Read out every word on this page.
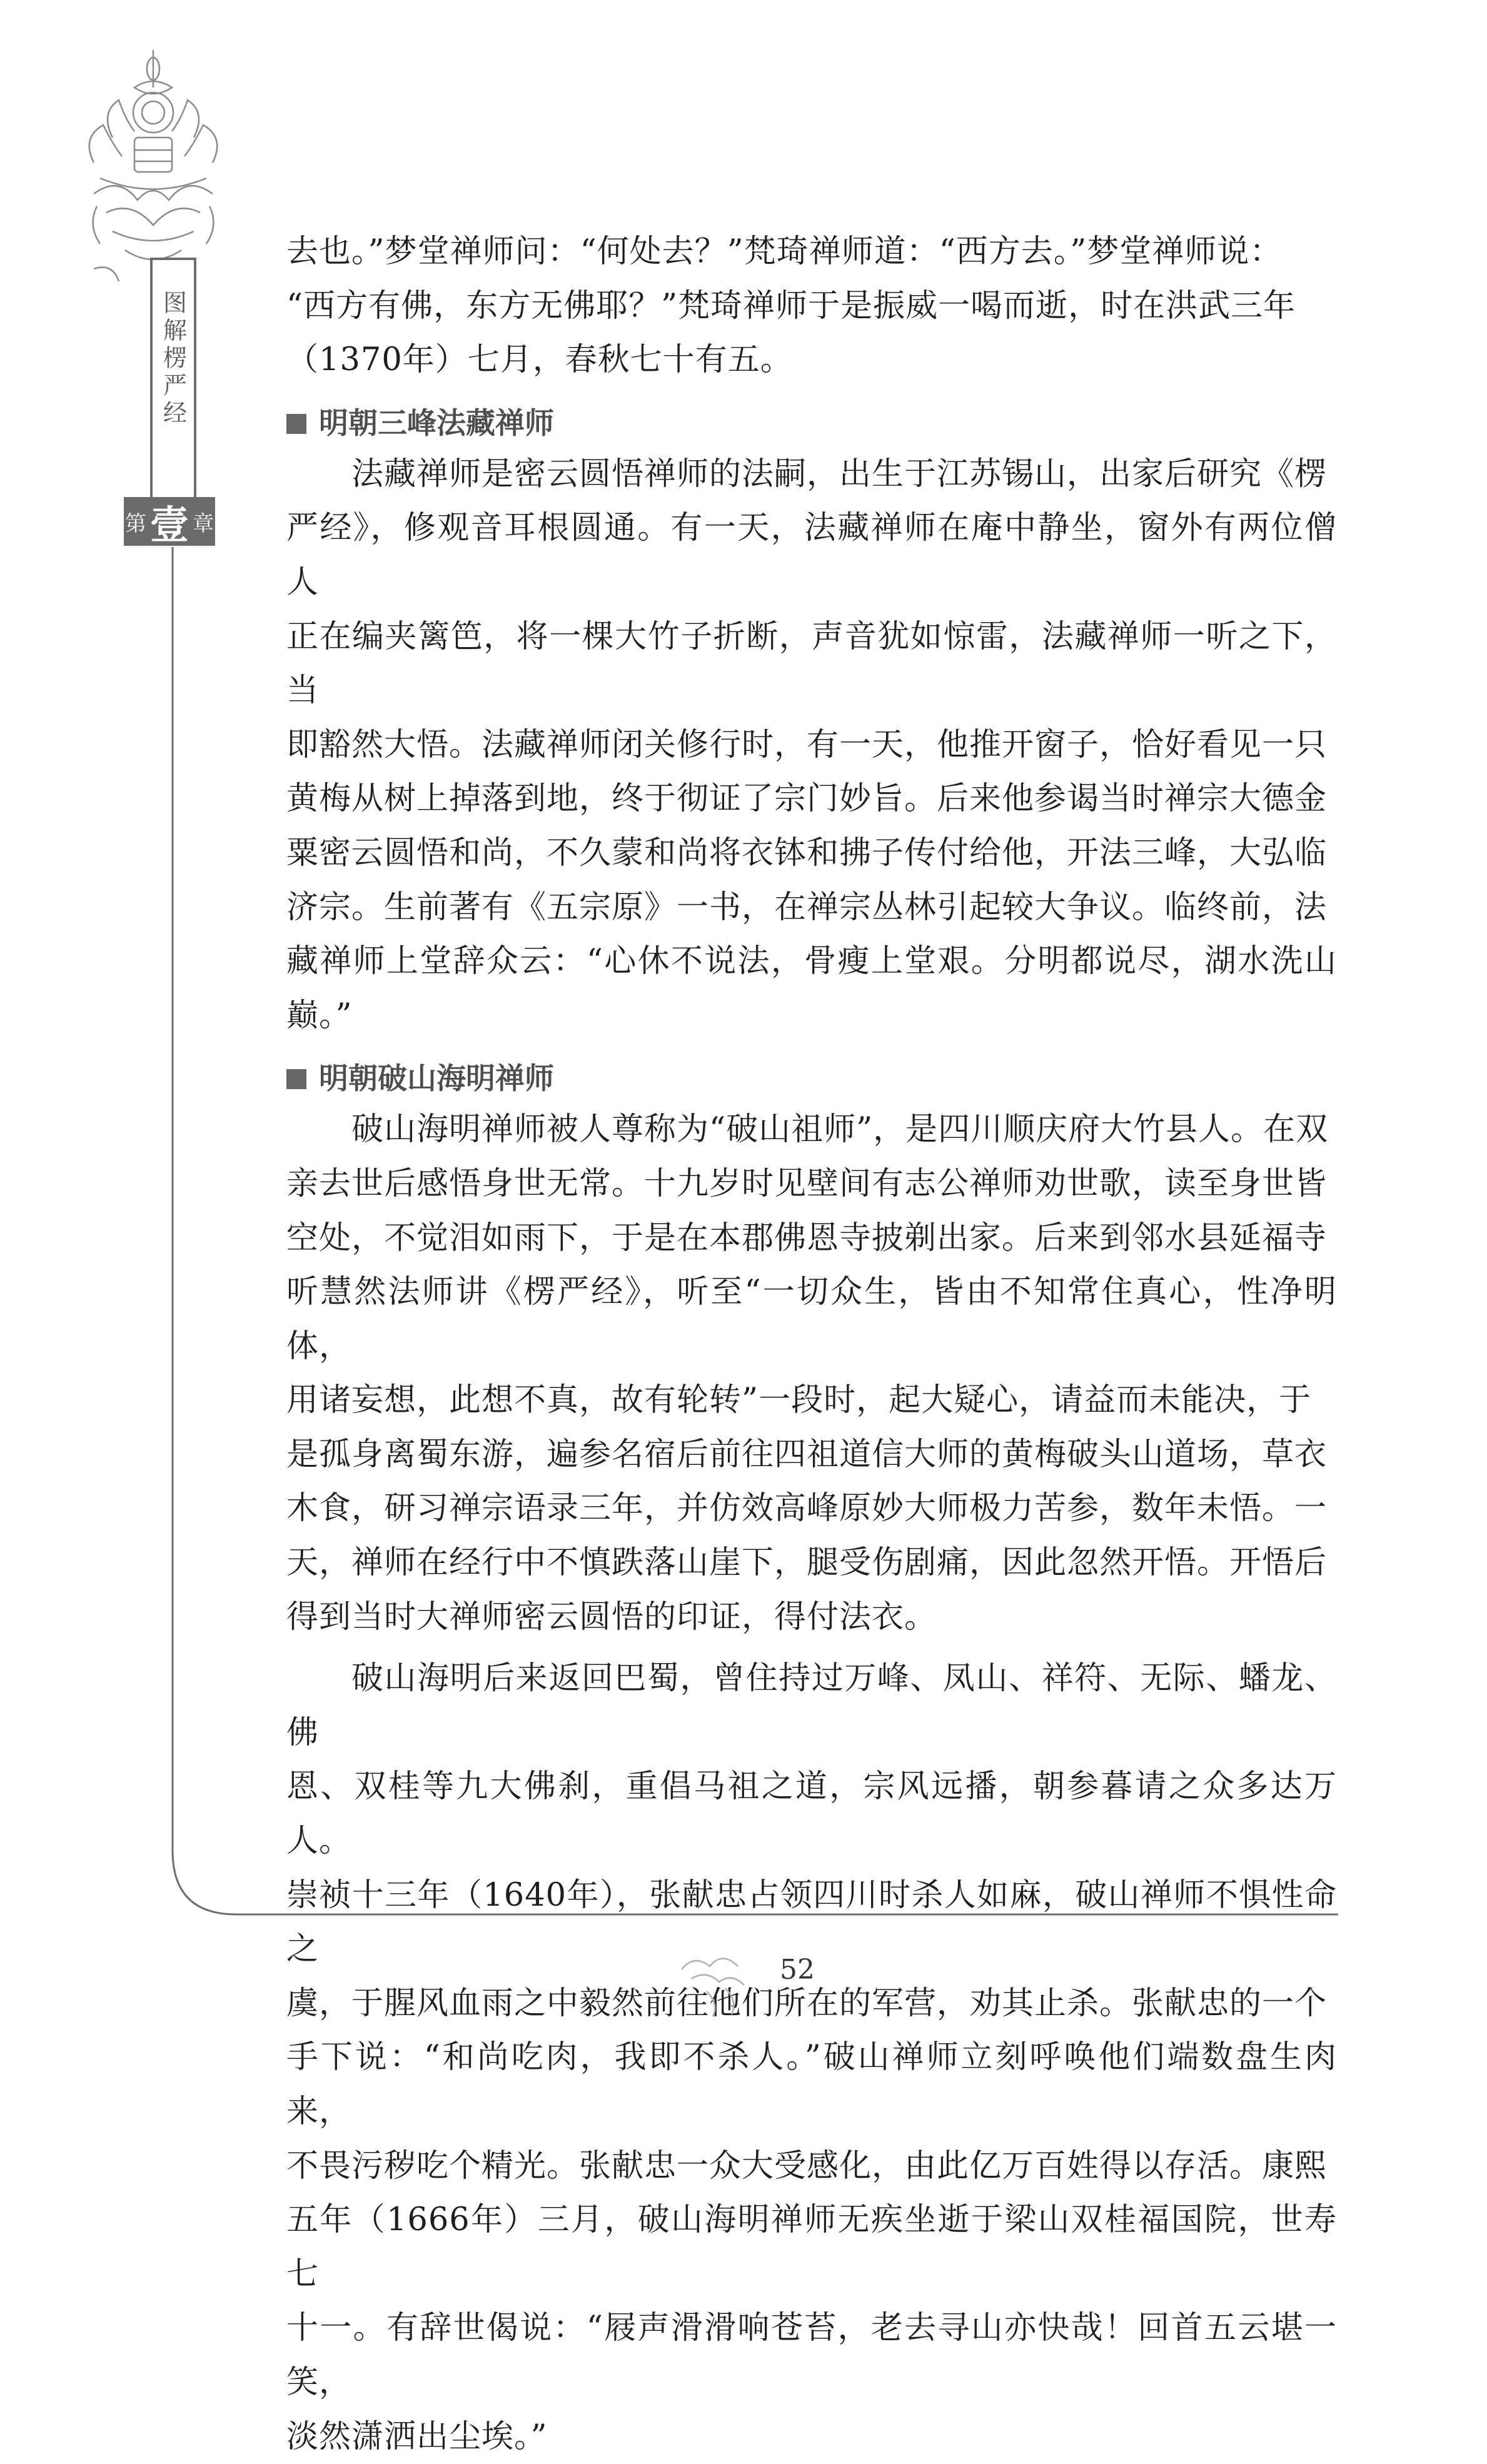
图解楞严经
第 壹 章

去也。”梦堂禅师问：“何处去？”梵琦禅师道：“西方去。”梦堂禅师说：
“西方有佛，东方无佛耶？”梵琦禅师于是振威一喝而逝，时在洪武三年
（1370年）七月，春秋七十有五。

明朝三峰法藏禅师

法藏禅师是密云圆悟禅师的法嗣，出生于江苏锡山，出家后研究《楞
严经》，修观音耳根圆通。有一天，法藏禅师在庵中静坐，窗外有两位僧人
正在编夹篱笆，将一棵大竹子折断，声音犹如惊雷，法藏禅师一听之下，当
即豁然大悟。法藏禅师闭关修行时，有一天，他推开窗子，恰好看见一只
黄梅从树上掉落到地，终于彻证了宗门妙旨。后来他参谒当时禅宗大德金
粟密云圆悟和尚，不久蒙和尚将衣钵和拂子传付给他，开法三峰，大弘临
济宗。生前著有《五宗原》一书，在禅宗丛林引起较大争议。临终前，法
藏禅师上堂辞众云：“心休不说法，骨瘦上堂艰。分明都说尽，湖水洗山巅。”

明朝破山海明禅师

破山海明禅师被人尊称为“破山祖师”，是四川顺庆府大竹县人。在双
亲去世后感悟身世无常。十九岁时见壁间有志公禅师劝世歌，读至身世皆
空处，不觉泪如雨下，于是在本郡佛恩寺披剃出家。后来到邻水县延福寺
听慧然法师讲《楞严经》，听至“一切众生，皆由不知常住真心，性净明体，
用诸妄想，此想不真，故有轮转”一段时，起大疑心，请益而未能决，于
是孤身离蜀东游，遍参名宿后前往四祖道信大师的黄梅破头山道场，草衣
木食，研习禅宗语录三年，并仿效高峰原妙大师极力苦参，数年未悟。一
天，禅师在经行中不慎跌落山崖下，腿受伤剧痛，因此忽然开悟。开悟后
得到当时大禅师密云圆悟的印证，得付法衣。

破山海明后来返回巴蜀，曾住持过万峰、凤山、祥符、无际、蟠龙、佛
恩、双桂等九大佛刹，重倡马祖之道，宗风远播，朝参暮请之众多达万人。
崇祯十三年（1640年），张献忠占领四川时杀人如麻，破山禅师不惧性命之
虞，于腥风血雨之中毅然前往他们所在的军营，劝其止杀。张献忠的一个
手下说：“和尚吃肉，我即不杀人。”破山禅师立刻呼唤他们端数盘生肉来，
不畏污秽吃个精光。张献忠一众大受感化，由此亿万百姓得以存活。康熙
五年（1666年）三月，破山海明禅师无疾坐逝于梁山双桂福国院，世寿七
十一。有辞世偈说：“屐声滑滑响苍苔，老去寻山亦快哉！回首五云堪一笑，
淡然潇洒出尘埃。”

52
